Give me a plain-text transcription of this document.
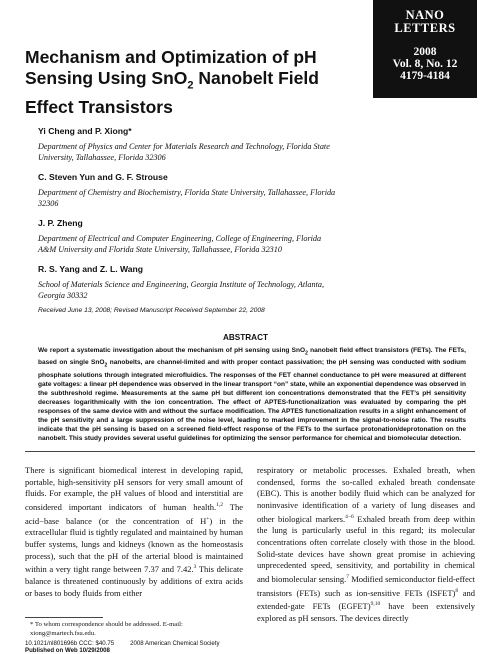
NANO
LETTERS
2008
Vol. 8, No. 12
4179-4184
Mechanism and Optimization of pH
Sensing Using SnO$_2$ Nanobelt Field
Effect Transistors
Yi Cheng and P. Xiong*
Department of Physics and Center for Materials Research and Technology, Florida State University, Tallahassee, Florida 32306
C. Steven Yun and G. F. Strouse
Department of Chemistry and Biochemistry, Florida State University, Tallahassee, Florida 32306
J. P. Zheng
Department of Electrical and Computer Engineering, College of Engineering, Florida A&M University and Florida State University, Tallahassee, Florida 32310
R. S. Yang and Z. L. Wang
School of Materials Science and Engineering, Georgia Institute of Technology, Atlanta, Georgia 30332
Received June 13, 2008; Revised Manuscript Received September 22, 2008
ABSTRACT
We report a systematic investigation about the mechanism of pH sensing using SnO$_2$ nanobelt field effect transistors (FETs). The FETs, based on single SnO$_2$ nanobelts, are channel-limited and with proper contact passivation; the pH sensing was conducted with sodium phosphate solutions through integrated microfluidics. The responses of the FET channel conductance to pH were measured at different gate voltages: a linear pH dependence was observed in the linear transport “on” state, while an exponential dependence was observed in the subthreshold regime. Measurements at the same pH but different ion concentrations demonstrated that the FET’s pH sensitivity decreases logarithmically with the ion concentration. The effect of APTES-functionalization was evaluated by comparing the pH responses of the same device with and without the surface modification. The APTES functionalization results in a slight enhancement of the pH sensitivity and a large suppression of the noise level, leading to marked improvement in the signal-to-noise ratio. The results indicate that the pH sensing is based on a screened field-effect response of the FETs to the surface protonation/deprotonation on the nanobelt. This study provides several useful guidelines for optimizing the sensor performance for chemical and biomolecular detection.
There is significant biomedical interest in developing rapid, portable, high-sensitivity pH sensors for very small amount of fluids. For example, the pH values of blood and interstitial are considered important indicators of human health.$^{1,2}$ The acid−base balance (or the concentration of H+) in the extracellular fluid is tightly regulated and maintained by human buffer systems, lungs and kidneys (known as the homeostasis process), such that the pH of the arterial blood is maintained within a very tight range between 7.37 and 7.42.$^3$ This delicate balance is threatened continuously by additions of extra acids or bases to body fluids from either
respiratory or metabolic processes. Exhaled breath, when condensed, forms the so-called exhaled breath condensate (EBC). This is another bodily fluid which can be analyzed for noninvasive identification of a variety of lung diseases and other biological markers.$^{4-6}$ Exhaled breath from deep within the lung is particularly useful in this regard; its molecular concentrations often correlate closely with those in the blood. Solid-state devices have shown great promise in achieving unprecedented speed, sensitivity, and portability in chemical and biomolecular sensing.$^7$ Modified semiconductor field-effect transistors (FETs) such as ion-sensitive FETs (ISFET)$^8$ and extended-gate FETs (EGFET)$^{9,10}$ have been extensively explored as pH sensors. The devices directly
* To whom correspondence should be addressed. E-mail: xiong@martech.fsu.edu.
10.1021/nl801696b CCC: $40.75	2008 American Chemical Society
Published on Web 10/29/2008
